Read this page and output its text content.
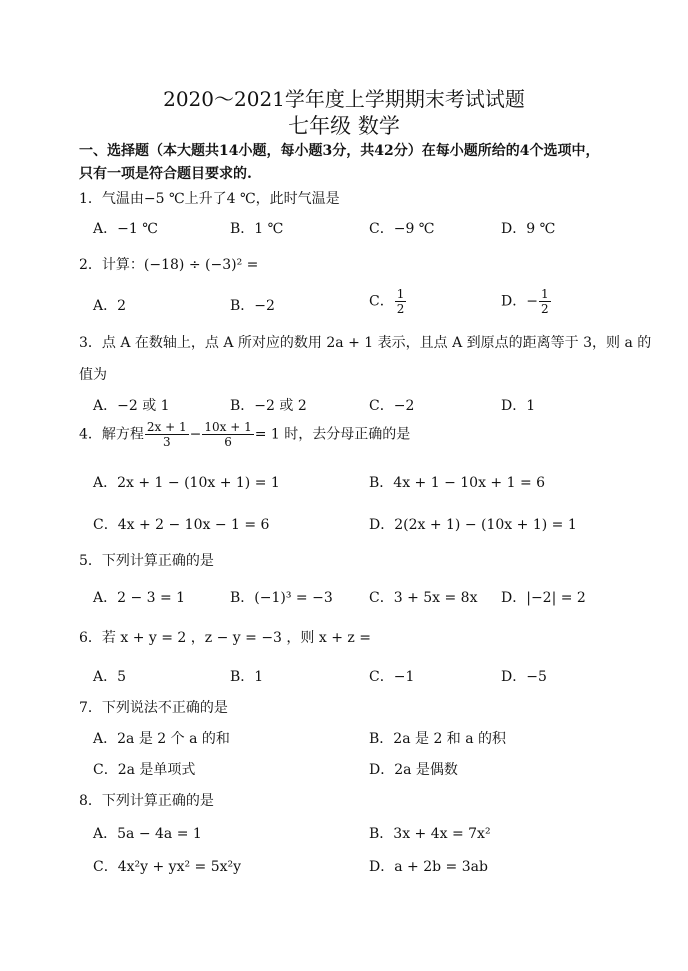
2020～2021学年度上学期期末考试试题
七年级 数学
一、选择题（本大题共14小题，每小题3分，共42分）在每小题所给的4个选项中，
只有一项是符合题目要求的.
1．气温由−5 ℃上升了4 ℃，此时气温是
A．−1 ℃	B．1 ℃	C．−9 ℃	D．9 ℃
2．计算：(−18) ÷ (−3)² =
A．2	B．−2	C． $\frac{1}{2}$	D．− $\frac{1}{2}$
3．点 A 在数轴上，点 A 所对应的数用 2a + 1 表示，且点 A 到原点的距离等于 3，则 a 的
值为
A．−2 或 1	B．−2 或 2	C．−2	D．1
4．解方程 $\frac{2x + 1}{3} - \frac{10x + 1}{6} = 1$ 时，去分母正确的是
A．2x + 1 − (10x + 1) = 1	B．4x + 1 − 10x + 1 = 6
C．4x + 2 − 10x − 1 = 6	D．2(2x + 1) − (10x + 1) = 1
5．下列计算正确的是
A．2 − 3 = 1	B．(−1)³ = −3	C．3 + 5x = 8x D．|−2| = 2
6．若 x + y = 2 ，z − y = −3 ，则 x + z =
A．5	B．1	C．−1	D．−5
7．下列说法不正确的是
A．2a 是 2 个 a 的和	B．2a 是 2 和 a 的积
C．2a 是单项式	D．2a 是偶数
8．下列计算正确的是
A．5a − 4a = 1	B．3x + 4x = 7x²
C．4x²y + yx² = 5x²y	D．a + 2b = 3ab
